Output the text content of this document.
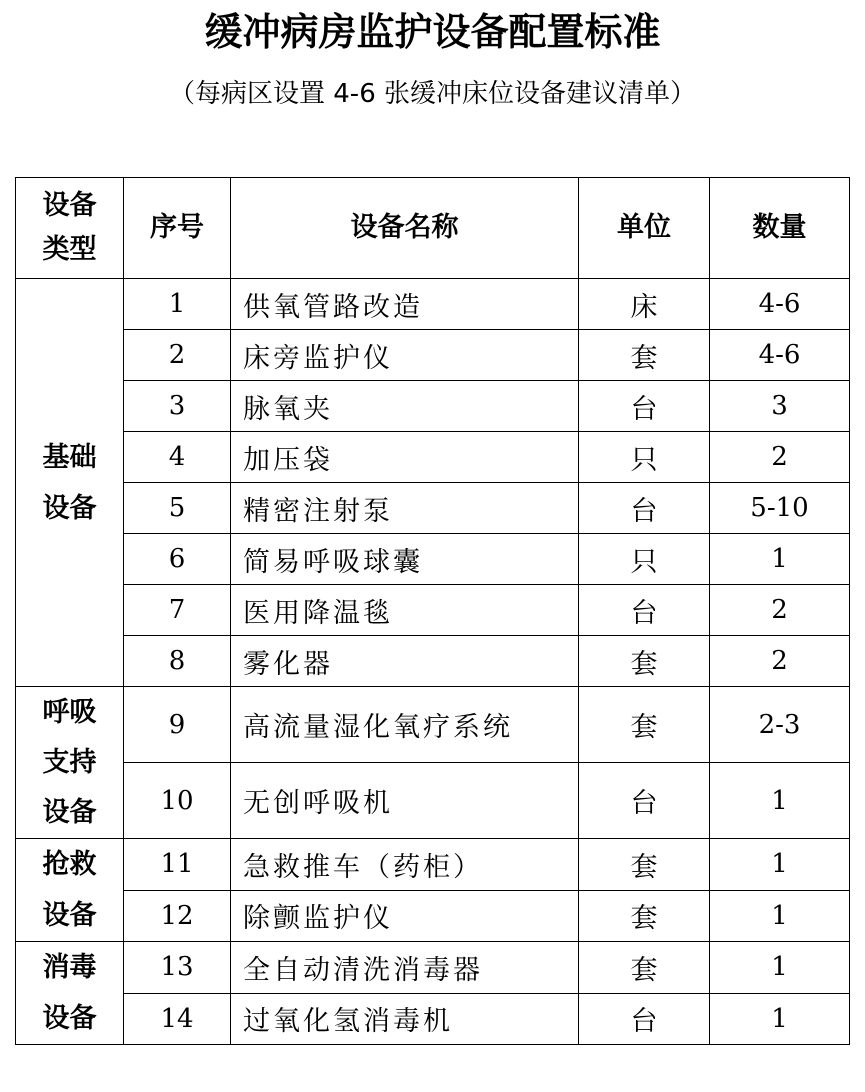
缓冲病房监护设备配置标准
（每病区设置 4-6 张缓冲床位设备建议清单）
设备
类型	序号	设备名称	单位	数量

基础
设备	1	供氧管路改造	床	4-6
	2	床旁监护仪	套	4-6
	3	脉氧夹	台	3
	4	加压袋	只	2
	5	精密注射泵	台	5-10
	6	简易呼吸球囊	只	1
	7	医用降温毯	台	2
	8	雾化器	套	2

呼吸
支持
设备	9	高流量湿化氧疗系统	套	2-3
	10	无创呼吸机	台	1

抢救
设备	11	急救推车（药柜）	套	1
	12	除颤监护仪	套	1

消毒
设备	13	全自动清洗消毒器	套	1
	14	过氧化氢消毒机	台	1
